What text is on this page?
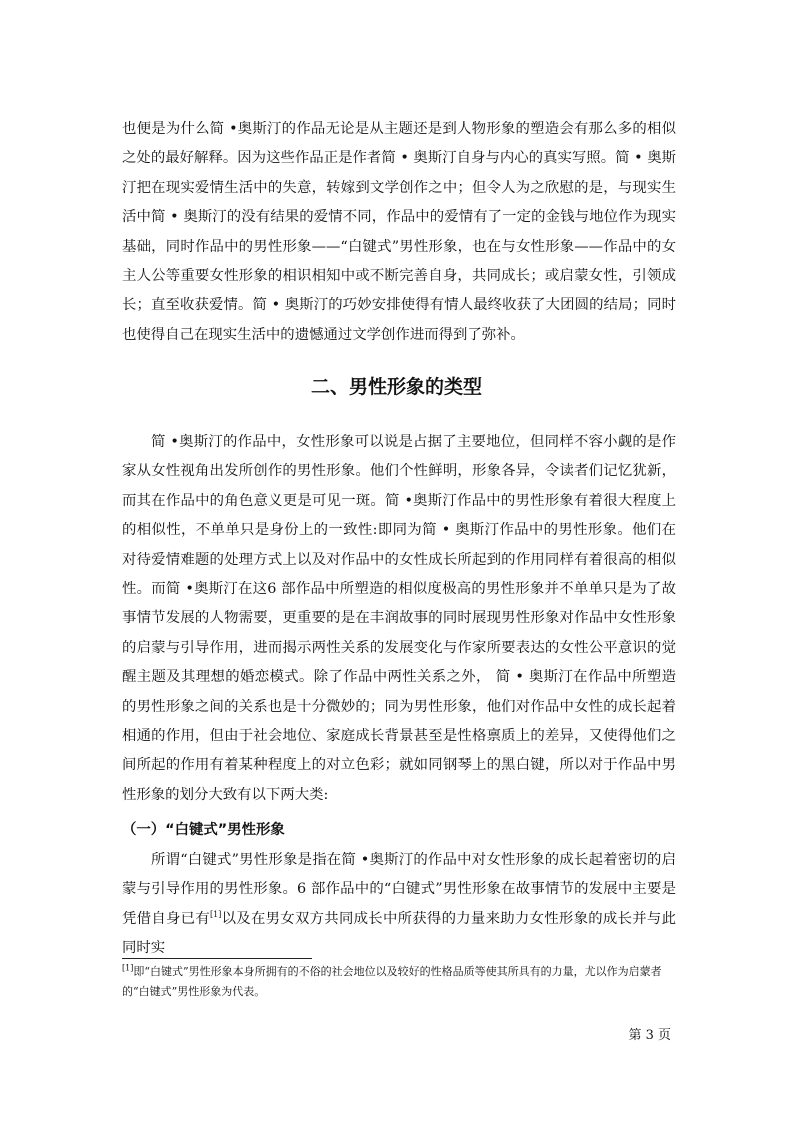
也便是为什么简 •奥斯汀的作品无论是从主题还是到人物形象的塑造会有那么多的相似之处的最好解释。因为这些作品正是作者简 • 奥斯汀自身与内心的真实写照。简 • 奥斯汀把在现实爱情生活中的失意，转嫁到文学创作之中；但令人为之欣慰的是，与现实生活中简 • 奥斯汀的没有结果的爱情不同，作品中的爱情有了一定的金钱与地位作为现实基础，同时作品中的男性形象——“白键式”男性形象，也在与女性形象——作品中的女主人公等重要女性形象的相识相知中或不断完善自身，共同成长；或启蒙女性，引领成长；直至收获爱情。简 • 奥斯汀的巧妙安排使得有情人最终收获了大团圆的结局；同时也使得自己在现实生活中的遗憾通过文学创作进而得到了弥补。

二、男性形象的类型

简 •奥斯汀的作品中，女性形象可以说是占据了主要地位，但同样不容小觑的是作家从女性视角出发所创作的男性形象。他们个性鲜明，形象各异，令读者们记忆犹新，而其在作品中的角色意义更是可见一斑。简 •奥斯汀作品中的男性形象有着很大程度上的相似性，不单单只是身份上的一致性:即同为简 • 奥斯汀作品中的男性形象。他们在对待爱情难题的处理方式上以及对作品中的女性成长所起到的作用同样有着很高的相似性。而简 •奥斯汀在这6 部作品中所塑造的相似度极高的男性形象并不单单只是为了故事情节发展的人物需要，更重要的是在丰润故事的同时展现男性形象对作品中女性形象的启蒙与引导作用，进而揭示两性关系的发展变化与作家所要表达的女性公平意识的觉醒主题及其理想的婚恋模式。除了作品中两性关系之外， 简 • 奥斯汀在作品中所塑造的男性形象之间的关系也是十分微妙的；同为男性形象，他们对作品中女性的成长起着相通的作用，但由于社会地位、家庭成长背景甚至是性格禀质上的差异，又使得他们之间所起的作用有着某种程度上的对立色彩；就如同钢琴上的黑白键，所以对于作品中男性形象的划分大致有以下两大类:

（一）“白键式”男性形象

所谓“白键式”男性形象是指在简 •奥斯汀的作品中对女性形象的成长起着密切的启蒙与引导作用的男性形象。6 部作品中的“白键式”男性形象在故事情节的发展中主要是凭借自身已有[1]以及在男女双方共同成长中所获得的力量来助力女性形象的成长并与此同时实

[1]即“白键式”男性形象本身所拥有的不俗的社会地位以及较好的性格品质等使其所具有的力量，尤以作为启蒙者的“白键式”男性形象为代表。

第 3 页
